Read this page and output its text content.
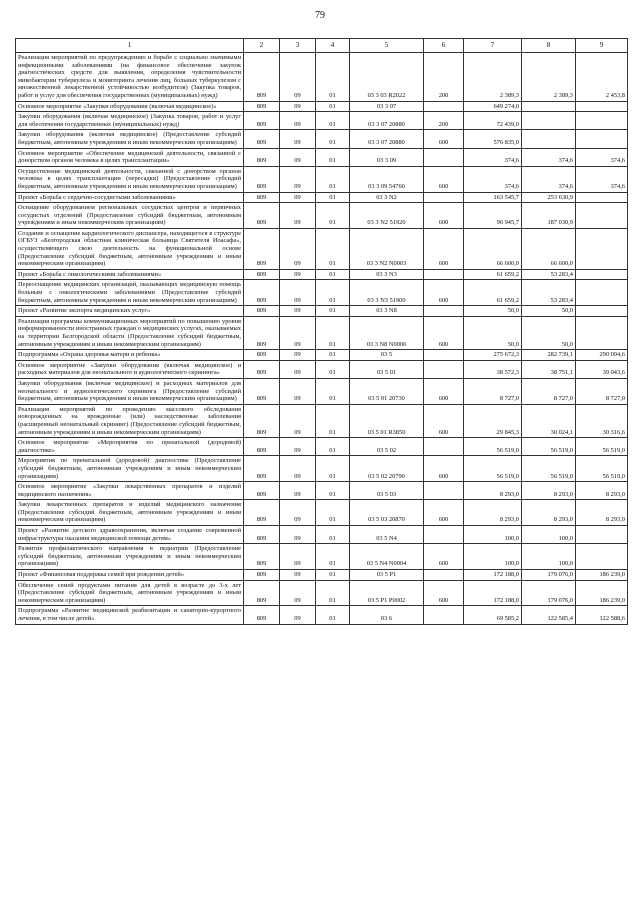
79
1	2	3	4	5	6	7	8	9

Реализация мероприятий по предупреждению и борьбе с социально значимыми инфекционными заболеваниями (на финансовое обеспечение закупок диагностических средств для выявления, определения чувствительности микобактерии туберкулеза и мониторинга лечения лиц, больных туберкулезом с множественной лекарственной устойчивостью возбудителя) (Закупка товаров, работ и услуг для обеспечения государственных (муниципальных) нужд)	809	09	01	03 3 03 R2022	200	2 389,3	2 389,3	2 453,8

Основное мероприятие «Закупки оборудования (включая медицинское)»	809	09	01	03 3 07		649 274,0		

Закупки оборудования (включая медицинское) (Закупка товаров, работ и услуг для обеспечения государственных (муниципальных) нужд)	809	09	01	03 3 07 20880	200	72 439,0		

Закупки оборудования (включая медицинское) (Предоставление субсидий бюджетным, автономным учреждениям и иным некоммерческим организациям)	809	09	01	03 3 07 20880	600	576 835,0		

Основное мероприятие «Обеспечение медицинской деятельности, связанной с донорством органов человека в целях трансплантации»	809	09	01	03 3 09		374,6	374,6	374,6

Осуществление медицинской деятельности, связанной с донорством органов человека в целях трансплантации (пересадки) (Предоставление субсидий бюджетным, автономным учреждениям и иным некоммерческим организациям)	809	09	01	03 3 09 54760	600	374,6	374,6	374,6

Проект «Борьба с сердечно-сосудистыми заболеваниями»	809	09	01	03 3 N2		163 545,7	253 630,9	

Оснащение оборудованием региональных сосудистых центров и первичных сосудистых отделений (Предоставление субсидий бюджетным, автономным учреждениям и иным некоммерческим организациям)	809	09	01	03 3 N2 51920	600	96 945,7	187 030,9	

Создание и оснащение кардиологического диспансера, находящегося в структуре ОГБУЗ «Белгородская областная клиническая больница Святителя Иоасафа», осуществляющего свою деятельность на функциональной основе (Предоставление субсидий бюджетным, автономным учреждениям и иным некоммерческим организациям)	809	09	01	03 3 N2 N0003	600	66 600,0	66 600,0	

Проект «Борьба с онкологическими заболеваниями»	809	09	01	03 3 N3		61 659,2	53 283,4	

Переоснащение медицинских организаций, оказывающих медицинскую помощь больным с онкологическими заболеваниями (Предоставление субсидий бюджетным, автономным учреждениям и иным некоммерческим организациям)	809	09	01	03 3 N3 51900	600	61 659,2	53 283,4	

Проект «Развитие экспорта медицинских услуг»	809	09	01	03 3 N8		50,0	50,0	

Реализация программы коммуникационных мероприятий по повышению уровня информированности иностранных граждан о медицинских услугах, оказываемых на территории Белгородской области (Предоставление субсидий бюджетным, автономным учреждениям и иным некоммерческим организациям)	809	09	01	03 3 N8 N0006	600	50,0	50,0	

Подпрограмма «Охрана здоровья матери и ребенка»	809	09	01	03 5		275 672,3	282 739,1	290 094,6

Основное мероприятие «Закупки оборудования (включая медицинское) и расходных материалов для неонатального и аудиологического скрининга»	809	09	01	03 5 01		38 572,3	38 751,1	39 043,6

Закупки оборудования (включая медицинское) и расходных материалов для неонатального и аудиологического скрининга (Предоставление субсидий бюджетным, автономным учреждениям и иным некоммерческим организациям)	809	09	01	03 5 01 20730	600	8 727,0	8 727,0	8 727,0

Реализация мероприятий по проведению массового обследования новорожденных на врожденные (или) наследственные заболевания (расширенный неонатальный скрининг) (Предоставление субсидий бюджетным, автономным учреждениям и иным некоммерческим организациям)	809	09	01	03 5 01 R3850	600	29 845,3	30 024,1	30 316,6

Основное мероприятие «Мероприятия по пренатальной (дородовой) диагностике»	809	09	01	03 5 02		56 519,0	56 519,0	56 519,0

Мероприятия по пренатальной (дородовой) диагностике (Предоставление субсидий бюджетным, автономным учреждениям и иным некоммерческим организациям)	809	09	01	03 5 02 20790	600	56 519,0	56 519,0	56 519,0

Основное мероприятие «Закупки лекарственных препаратов и изделий медицинского назначения»	809	09	01	03 5 03		8 293,0	8 293,0	8 293,0

Закупки лекарственных препаратов и изделий медицинского назначения (Предоставление субсидий бюджетным, автономным учреждениям и иным некоммерческим организациям)	809	09	01	03 5 03 20870	600	8 293,0	8 293,0	8 293,0

Проект «Развитие детского здравоохранения, включая создание современной инфраструктуры оказания медицинской помощи детям»	809	09	01	03 5 N4		100,0	100,0	

Развитие профилактического направления в педиатрии (Предоставление субсидий бюджетным, автономным учреждениям и иным некоммерческим организациям)	809	09	01	03 5 N4 N0004	600	100,0	100,0	

Проект «Финансовая поддержка семей при рождении детей»	809	09	01	03 5 P1		172 188,0	179 076,0	186 239,0

Обеспечение семей продуктами питания для детей в возрасте до 3-х лет (Предоставление субсидий бюджетным, автономным учреждениям и иным некоммерческим организациям)	809	09	01	03 5 P1 P0002	600	172 188,0	179 076,0	186 239,0

Подпрограмма «Развитие медицинской реабилитации и санаторно-курортного лечения, в том числе детей»	809	09	01	03 6		69 585,2	122 585,4	122 588,6
